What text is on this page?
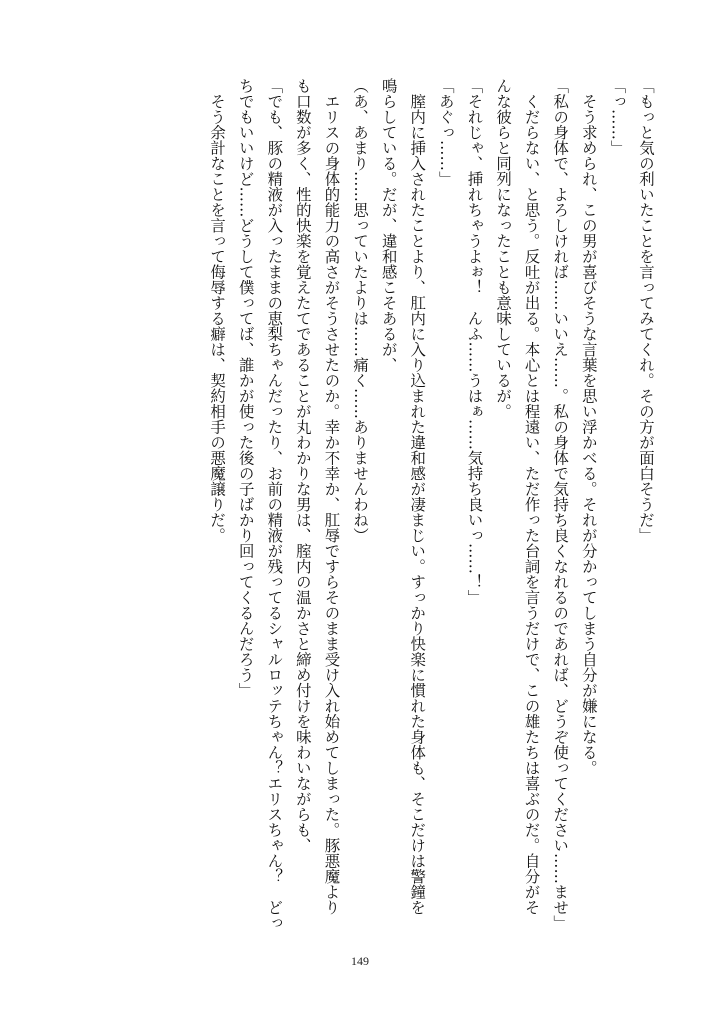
「もっと気の利いたことを言ってみてくれ。その方が面白そうだ」

「っ……」

　そう求められ、この男が喜びそうな言葉を思い浮かべる。それが分かってしまう自分が嫌になる。

「私の身体で、よろしければ……いいえ……。私の身体で気持ち良くなれるのであれば、どうぞ使ってください……ませ」

　くだらない、と思う。反吐が出る。本心とは程遠い、ただ作った台詞を言うだけで、この雄たちは喜ぶのだ。自分がそ

んな彼らと同列になったことも意味しているが。

「それじゃ、挿れちゃうよぉ！　んふ……うはぁ……気持ち良いっ……！」

「あぐっ……」

　膣内に挿入されたことより、肛内に入り込まれた違和感が凄まじい。すっかり快楽に慣れた身体も、そこだけは警鐘を

鳴らしている。だが、違和感こそあるが、

（あ、あまり……思っていたよりは……痛く……ありませんわね）

　エリスの身体的能力の高さがそうさせたのか。幸か不幸か、肛辱ですらそのまま受け入れ始めてしまった。豚悪魔より

も口数が多く、性的快楽を覚えたてであることが丸わかりな男は、腟内の温かさと締め付けを味わいながらも、

「でも、豚の精液が入ったままの恵梨ちゃんだったり、お前の精液が残ってるシャルロッテちゃん？エリスちゃん？　どっ

ちでもいいけど……どうして僕ってば、誰かが使った後の子ばかり回ってくるんだろう」

　そう余計なことを言って侮辱する癖は、契約相手の悪魔譲りだ。

149
